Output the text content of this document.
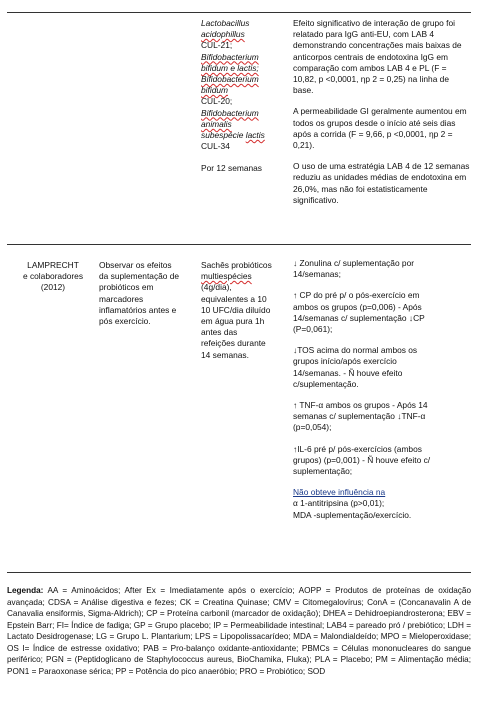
Lactobacillus
acidophillus
CUL-21;
Bifidobacterium
bifidum e lactis;
Bifidobacterium
bifidum
CUL-20;
Bifidobacterium
animalis
subespécie lactis
CUL-34
Por 12 semanas

Efeito significativo de interação de grupo foi relatado para IgG anti-EU, com LAB 4 demonstrando concentrações mais baixas de anticorpos centrais de endotoxina IgG em comparação com ambos LAB 4 e PL (F = 10,82, p <0,0001, ηp 2 = 0,25) na linha de base.

A permeabilidade GI geralmente aumentou em todos os grupos desde o início até seis dias após a corrida (F = 9,66, p <0,0001, ηp 2 = 0,21).

O uso de uma estratégia LAB 4 de 12 semanas reduziu as unidades médias de endotoxina em 26,0%, mas não foi estatisticamente significativo.

LAMPRECHT
e colaboradores
(2012)
Observar os efeitos
da suplementação de
probióticos em
marcadores
inflamatórios antes e
pós exercício.
Sachês probióticos
multiespécies
(4g/dia),
equivalentes a 10
10 UFC/dia diluído
em água pura 1h
antes das
refeições durante
14 semanas.
↓ Zonulina c/ suplementação por
14/semanas;
↑ CP do pré p/ o pós-exercício em
ambos os grupos (p=0,006) - Após
14/semanas c/ suplementação ↓CP
(P=0,061);
↓TOS acima do normal ambos os
grupos início/após exercício
14/semanas. - Ñ houve efeito
c/suplementação.
↑ TNF-α ambos os grupos - Após 14
semanas c/ suplementação ↓TNF-α
(p=0,054);
↑IL-6 pré p/ pós-exercícios (ambos
grupos) (p=0,001) - Ñ houve efeito c/
suplementação;
Não obteve influência na
α 1-antitripsina (p>0,01);
MDA -suplementação/exercício.
Legenda: AA = Aminoácidos; After Ex = Imediatamente após o exercício; AOPP = Produtos de proteínas de oxidação avançada; CDSA = Análise digestiva e fezes; CK = Creatina Quinase; CMV = Citomegalovírus; ConA = (Concanavalin A de Canavalia ensiformis, Sigma-Aldrich); CP = Proteína carbonil (marcador de oxidação); DHEA = Dehidroepiandrosterona; EBV = Epstein Barr; FI= Índice de fadiga; GP = Grupo placebo; IP = Permeabilidade intestinal; LAB4 = pareado pró / prebiótico; LDH = Lactato Desidrogenase; LG = Grupo L. Plantarium; LPS = Lipopolissacarídeo; MDA = Malondialdeído; MPO = Mieloperoxidase; OS I= Índice de estresse oxidativo; PAB = Pro-balanço oxidante-antioxidante; PBMCs = Células mononucleares do sangue periférico; PGN = (Peptidoglicano de Staphylococcus aureus, BioChamika, Fluka); PLA = Placebo; PM = Alimentação média; PON1 = Paraoxonase sérica; PP = Potência do pico anaeróbio; PRO = Probiótico; SOD
